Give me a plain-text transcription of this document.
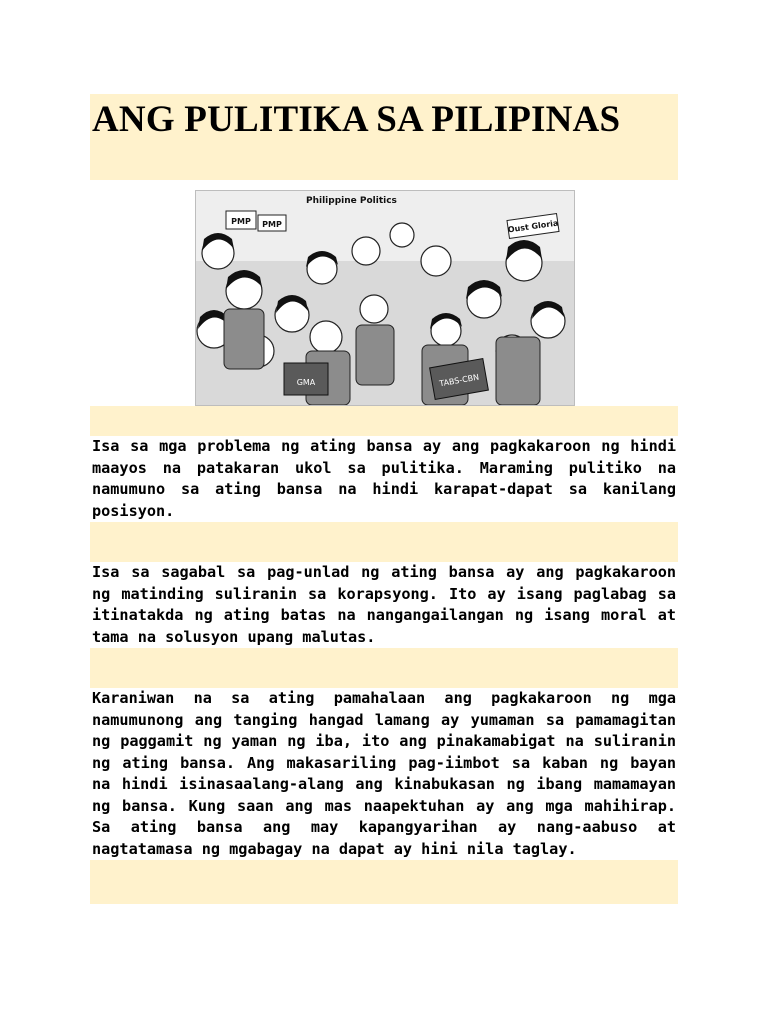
ANG PULITIKA SA PILIPINAS
PMP PMP	Oust Gloria
Philippine Politics
GMA	TABS-CBN

Isa sa mga problema ng ating bansa ay ang pagkakaroon ng hindi maayos na patakaran ukol sa pulitika. Maraming pulitiko na namumuno sa ating bansa na hindi karapat-dapat sa kanilang posisyon.

Isa sa sagabal sa pag-unlad ng ating bansa ay ang pagkakaroon ng matinding suliranin sa korapsyong. Ito ay isang paglabag sa itinatakda ng ating batas na nangangailangan ng isang moral at tama na solusyon upang malutas.

Karaniwan na sa ating pamahalaan ang pagkakaroon ng mga namumunong ang tanging hangad lamang ay yumaman sa pamamagitan ng paggamit ng yaman ng iba, ito ang pinakamabigat na suliranin ng ating bansa. Ang makasariling pag-iimbot sa kaban ng bayan na hindi isinasaalang-alang ang kinabukasan ng ibang mamamayan ng bansa. Kung saan ang mas naapektuhan ay ang mga mahihirap. Sa ating bansa ang may kapangyarihan ay nang-aabuso at nagtatamasa ng mgabagay na dapat ay hini nila taglay.
